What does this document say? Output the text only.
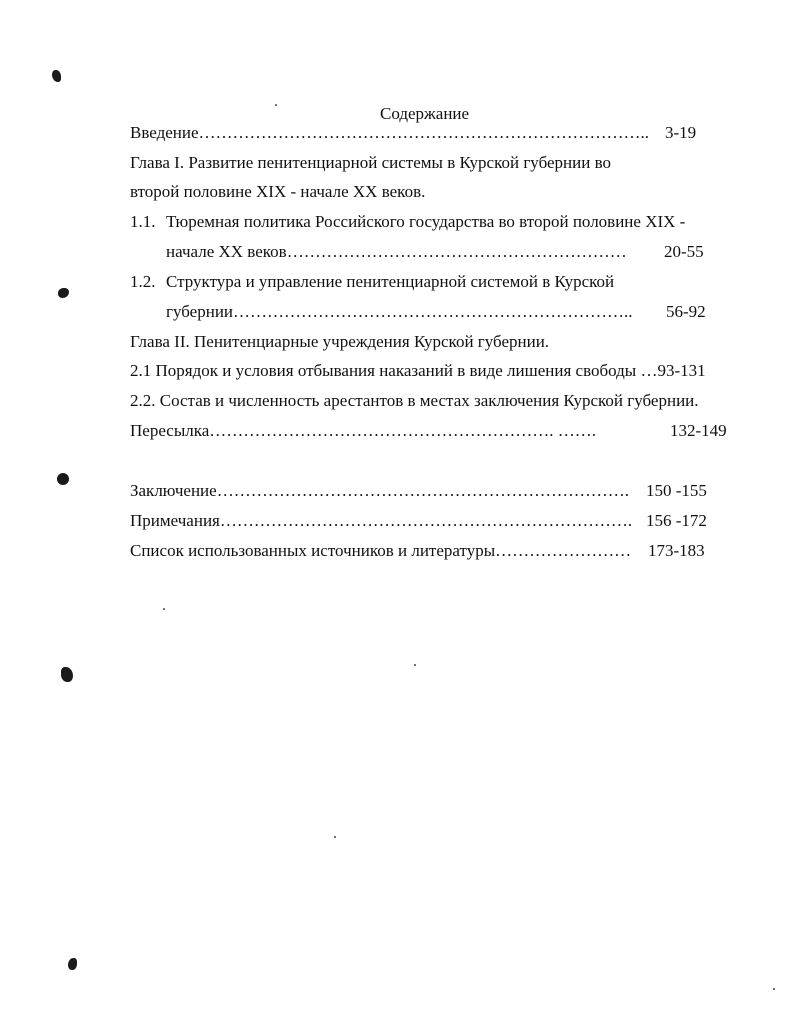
Содержание
Введение…………………………………………………………………….. 3-19
Глава I. Развитие пенитенциарной системы в Курской губернии во
второй половине XIX - начале XX веков.
1.1. Тюремная политика Российского государства во второй половине XIX -
начале XX веков…………………………………………………… 20-55
1.2. Структура и управление пенитенциарной системой в Курской
губернии…………………………………………………………….. 56-92
Глава II. Пенитенциарные учреждения Курской губернии.
2.1 Порядок и условия отбывания наказаний в виде лишения свободы …93-131
2.2. Состав и численность арестантов в местах заключения Курской губернии.
Пересылка……………………………………………………. …….	132-149
Заключение………………………………………………………………. 150 -155
Примечания………………………………………………………………. 156 -172
Список использованных источников и литературы…………………… 173-183
